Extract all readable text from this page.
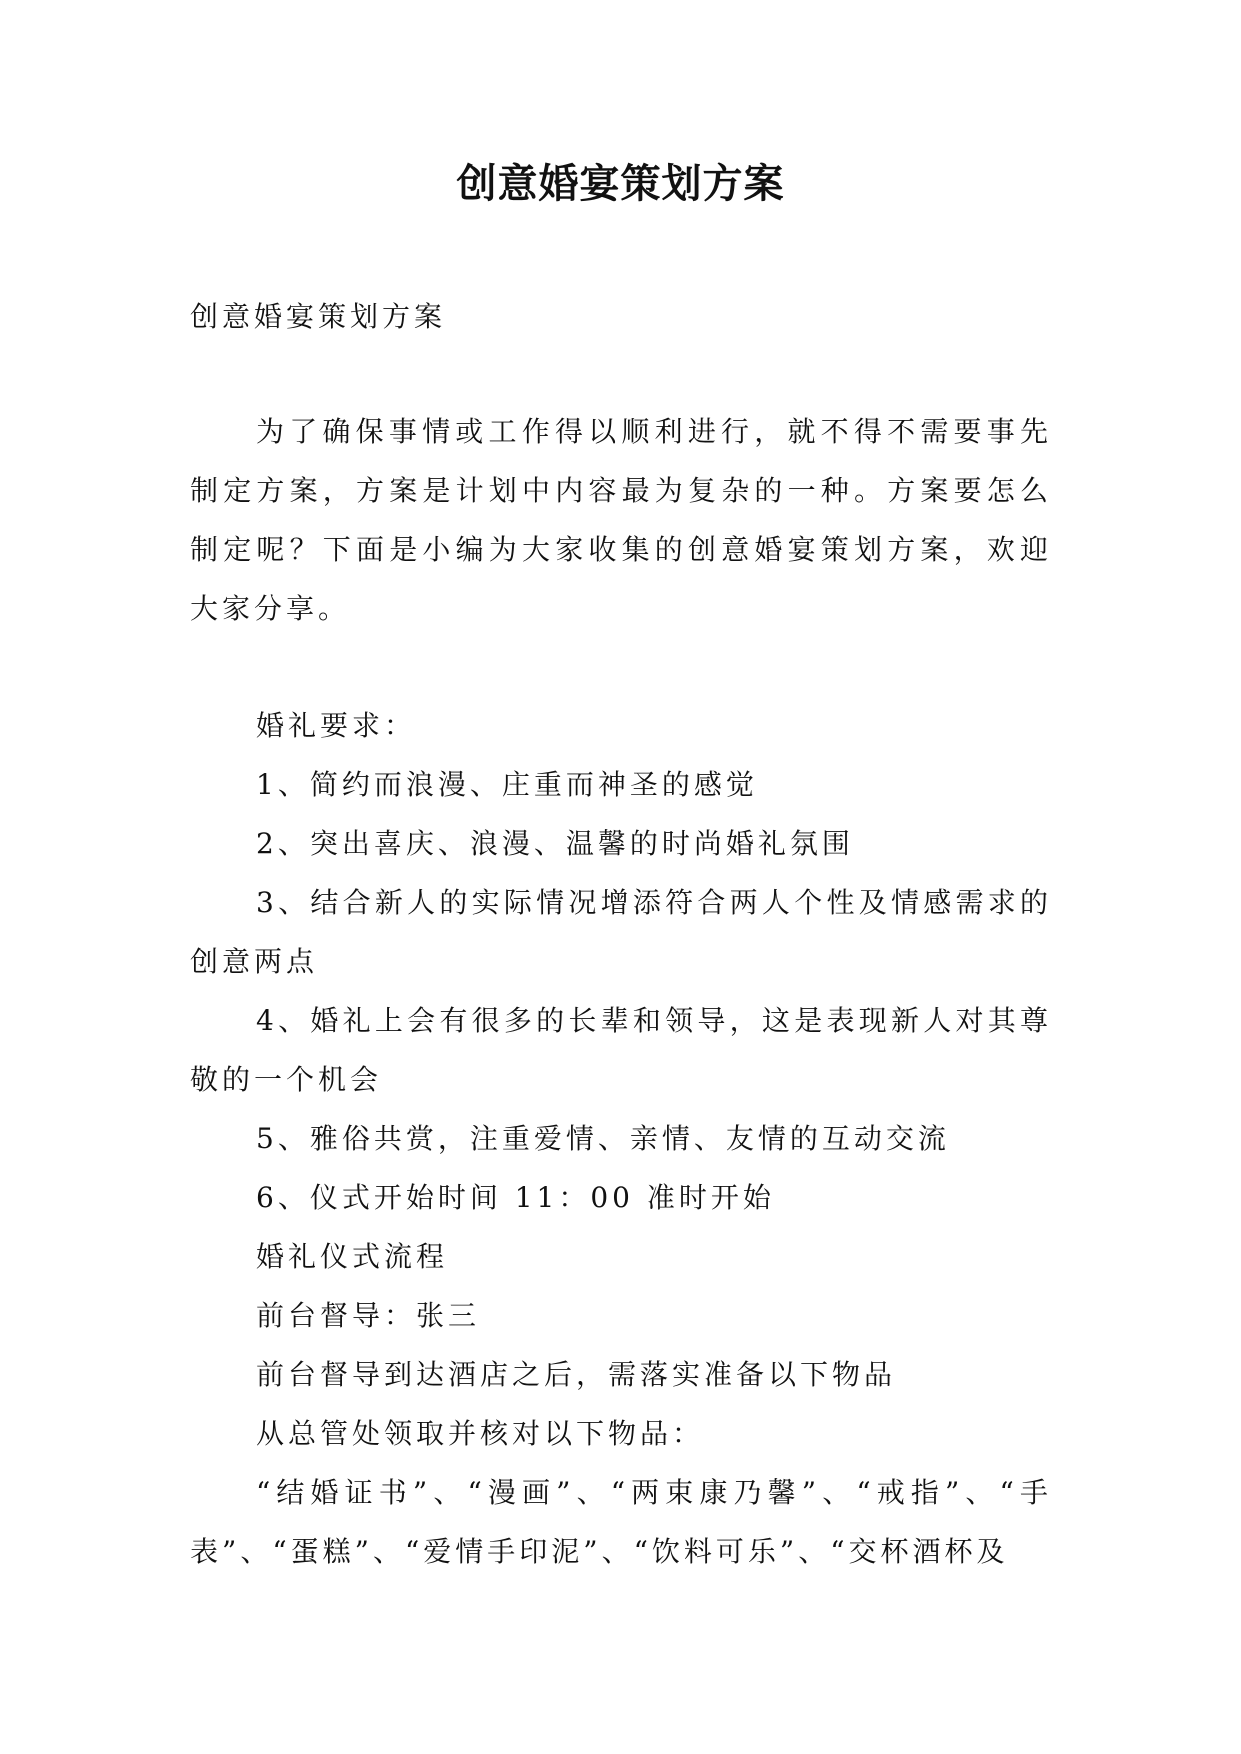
创意婚宴策划方案
创意婚宴策划方案

为了确保事情或工作得以顺利进行，就不得不需要事先制定方案，方案是计划中内容最为复杂的一种。方案要怎么制定呢？下面是小编为大家收集的创意婚宴策划方案，欢迎大家分享。

婚礼要求：

1、简约而浪漫、庄重而神圣的感觉

2、突出喜庆、浪漫、温馨的时尚婚礼氛围

3、结合新人的实际情况增添符合两人个性及情感需求的创意两点

4、婚礼上会有很多的长辈和领导，这是表现新人对其尊敬的一个机会

5、雅俗共赏，注重爱情、亲情、友情的互动交流

6、仪式开始时间 11：00 准时开始

婚礼仪式流程

前台督导：张三

前台督导到达酒店之后，需落实准备以下物品

从总管处领取并核对以下物品：

“结婚证书”、“漫画”、“两束康乃馨”、“戒指”、“手表”、“蛋糕”、“爱情手印泥”、“饮料可乐”、“交杯酒杯及
